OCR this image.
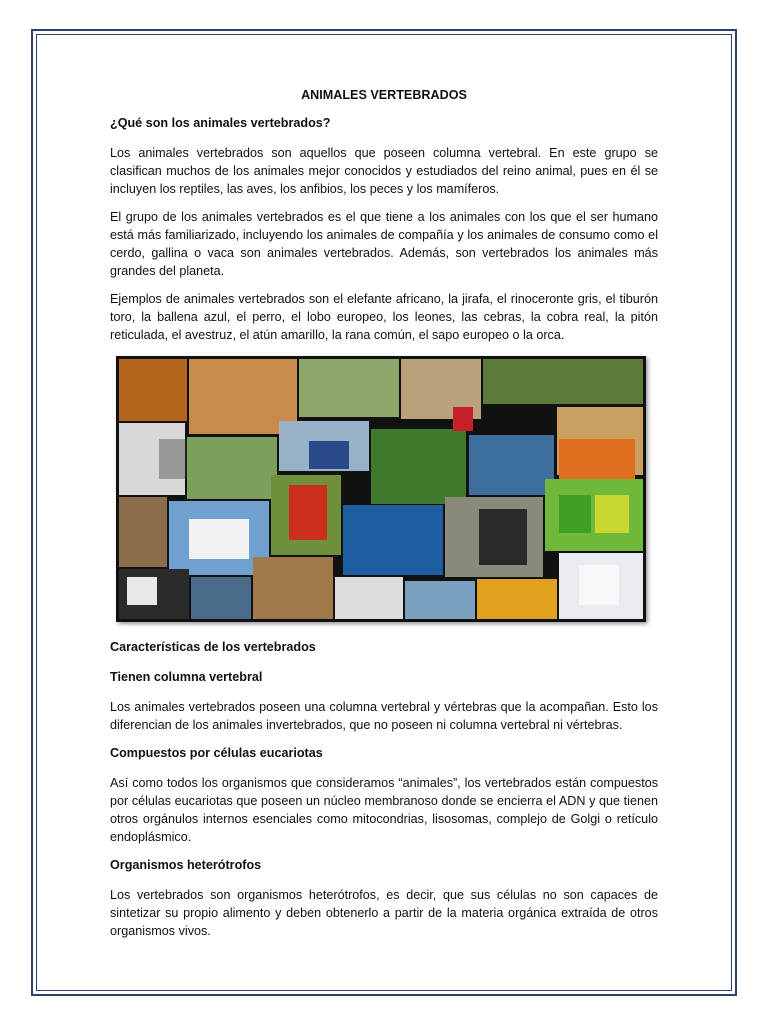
ANIMALES VERTEBRADOS
¿Qué son los animales vertebrados?

Los animales vertebrados son aquellos que poseen columna vertebral. En este grupo se clasifican muchos de los animales mejor conocidos y estudiados del reino animal, pues en él se incluyen los reptiles, las aves, los anfibios, los peces y los mamíferos.

El grupo de los animales vertebrados es el que tiene a los animales con los que el ser humano está más familiarizado, incluyendo los animales de compañía y los animales de consumo como el cerdo, gallina o vaca son animales vertebrados. Además, son vertebrados los animales más grandes del planeta.

Ejemplos de animales vertebrados son el elefante africano, la jirafa, el rinoceronte gris, el tiburón toro, la ballena azul, el perro, el lobo europeo, los leones, las cebras, la cobra real, la pitón reticulada, el avestruz, el atún amarillo, la rana común, el sapo europeo o la orca.

Características de los vertebrados
Tienen columna vertebral

Los animales vertebrados poseen una columna vertebral y vértebras que la acompañan. Esto los diferencian de los animales invertebrados, que no poseen ni columna vertebral ni vértebras.

Compuestos por células eucariotas

Así como todos los organismos que consideramos “animales”, los vertebrados están compuestos por células eucariotas que poseen un núcleo membranoso donde se encierra el ADN y que tienen otros orgánulos internos esenciales como mitocondrias, lisosomas, complejo de Golgi o retículo endoplásmico.

Organismos heterótrofos

Los vertebrados son organismos heterótrofos, es decir, que sus células no son capaces de sintetizar su propio alimento y deben obtenerlo a partir de la materia orgánica extraída de otros organismos vivos.
